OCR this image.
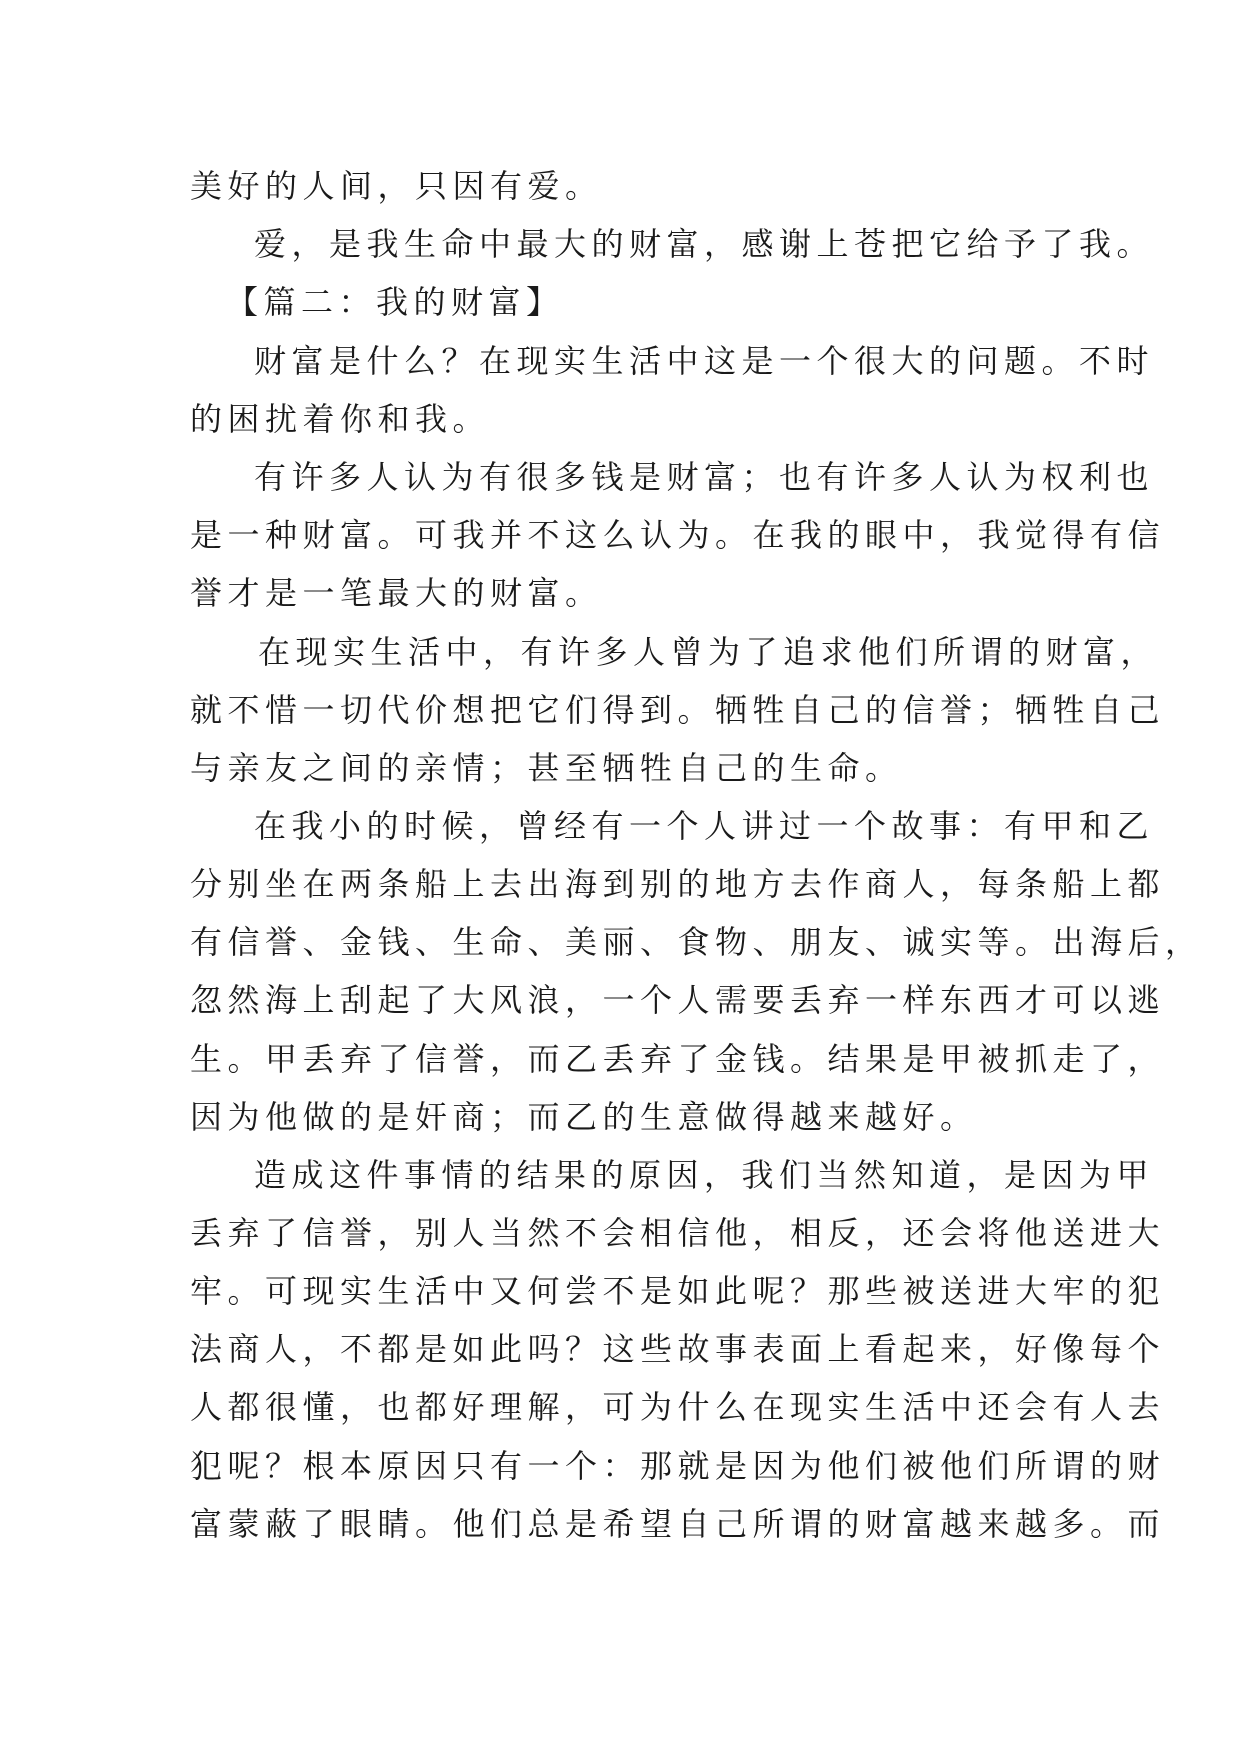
美好的人间，只因有爱。
爱，是我生命中最大的财富，感谢上苍把它给予了我。
【篇二：我的财富】
财富是什么？在现实生活中这是一个很大的问题。不时
的困扰着你和我。
有许多人认为有很多钱是财富；也有许多人认为权利也
是一种财富。可我并不这么认为。在我的眼中，我觉得有信
誉才是一笔最大的财富。
在现实生活中，有许多人曾为了追求他们所谓的财富，
就不惜一切代价想把它们得到。牺牲自己的信誉；牺牲自己
与亲友之间的亲情；甚至牺牲自己的生命。
在我小的时候，曾经有一个人讲过一个故事：有甲和乙
分别坐在两条船上去出海到别的地方去作商人，每条船上都
有信誉、金钱、生命、美丽、食物、朋友、诚实等。出海后，
忽然海上刮起了大风浪，一个人需要丢弃一样东西才可以逃
生。甲丢弃了信誉，而乙丢弃了金钱。结果是甲被抓走了，
因为他做的是奸商；而乙的生意做得越来越好。
造成这件事情的结果的原因，我们当然知道，是因为甲
丢弃了信誉，别人当然不会相信他，相反，还会将他送进大
牢。可现实生活中又何尝不是如此呢？那些被送进大牢的犯
法商人，不都是如此吗？这些故事表面上看起来，好像每个
人都很懂，也都好理解，可为什么在现实生活中还会有人去
犯呢？根本原因只有一个：那就是因为他们被他们所谓的财
富蒙蔽了眼睛。他们总是希望自己所谓的财富越来越多。而
